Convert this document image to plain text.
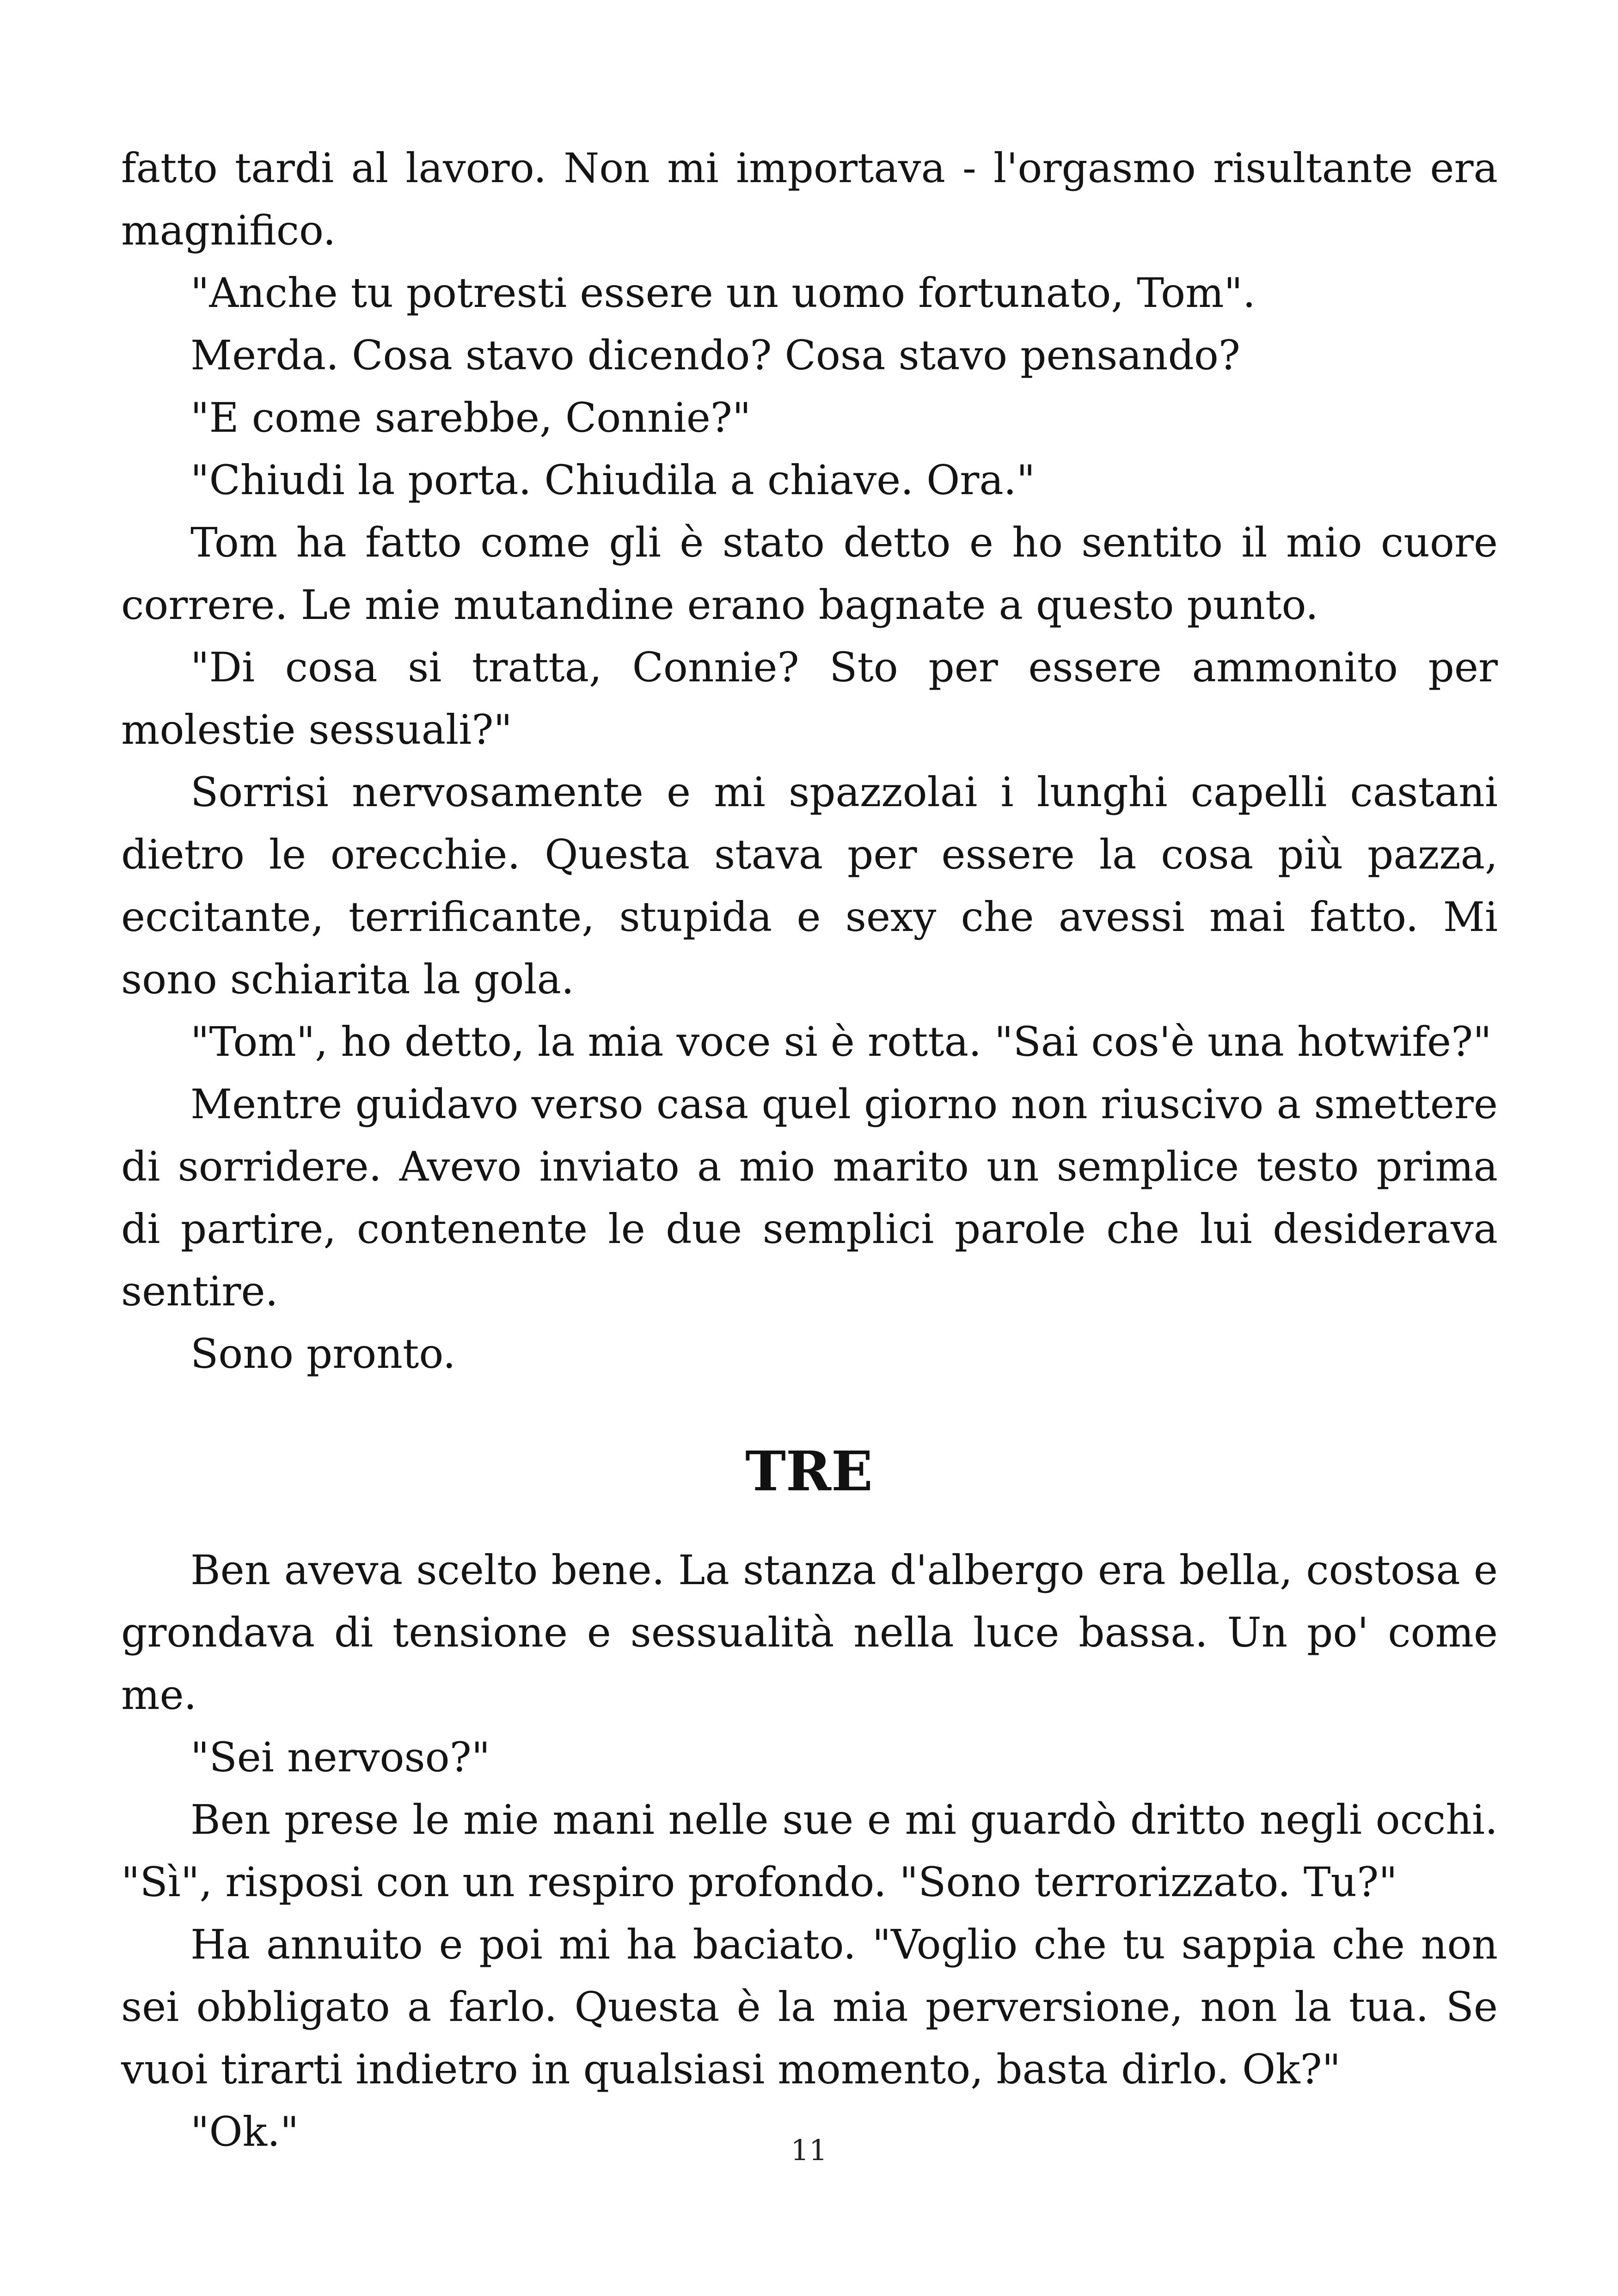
fatto tardi al lavoro. Non mi importava - l'orgasmo risultante era magnifico.

"Anche tu potresti essere un uomo fortunato, Tom".

Merda. Cosa stavo dicendo? Cosa stavo pensando?

"E come sarebbe, Connie?"

"Chiudi la porta. Chiudila a chiave. Ora."

Tom ha fatto come gli è stato detto e ho sentito il mio cuore correre. Le mie mutandine erano bagnate a questo punto.

"Di cosa si tratta, Connie? Sto per essere ammonito per molestie sessuali?"

Sorrisi nervosamente e mi spazzolai i lunghi capelli castani dietro le orecchie. Questa stava per essere la cosa più pazza, eccitante, terrificante, stupida e sexy che avessi mai fatto. Mi sono schiarita la gola.

"Tom", ho detto, la mia voce si è rotta. "Sai cos'è una hotwife?"

Mentre guidavo verso casa quel giorno non riuscivo a smettere di sorridere. Avevo inviato a mio marito un semplice testo prima di partire, contenente le due semplici parole che lui desiderava sentire.

Sono pronto.

TRE

Ben aveva scelto bene. La stanza d'albergo era bella, costosa e grondava di tensione e sessualità nella luce bassa. Un po' come me.

"Sei nervoso?"

Ben prese le mie mani nelle sue e mi guardò dritto negli occhi. "Sì", risposi con un respiro profondo. "Sono terrorizzato. Tu?"

Ha annuito e poi mi ha baciato. "Voglio che tu sappia che non sei obbligato a farlo. Questa è la mia perversione, non la tua. Se vuoi tirarti indietro in qualsiasi momento, basta dirlo. Ok?"

"Ok."	11
